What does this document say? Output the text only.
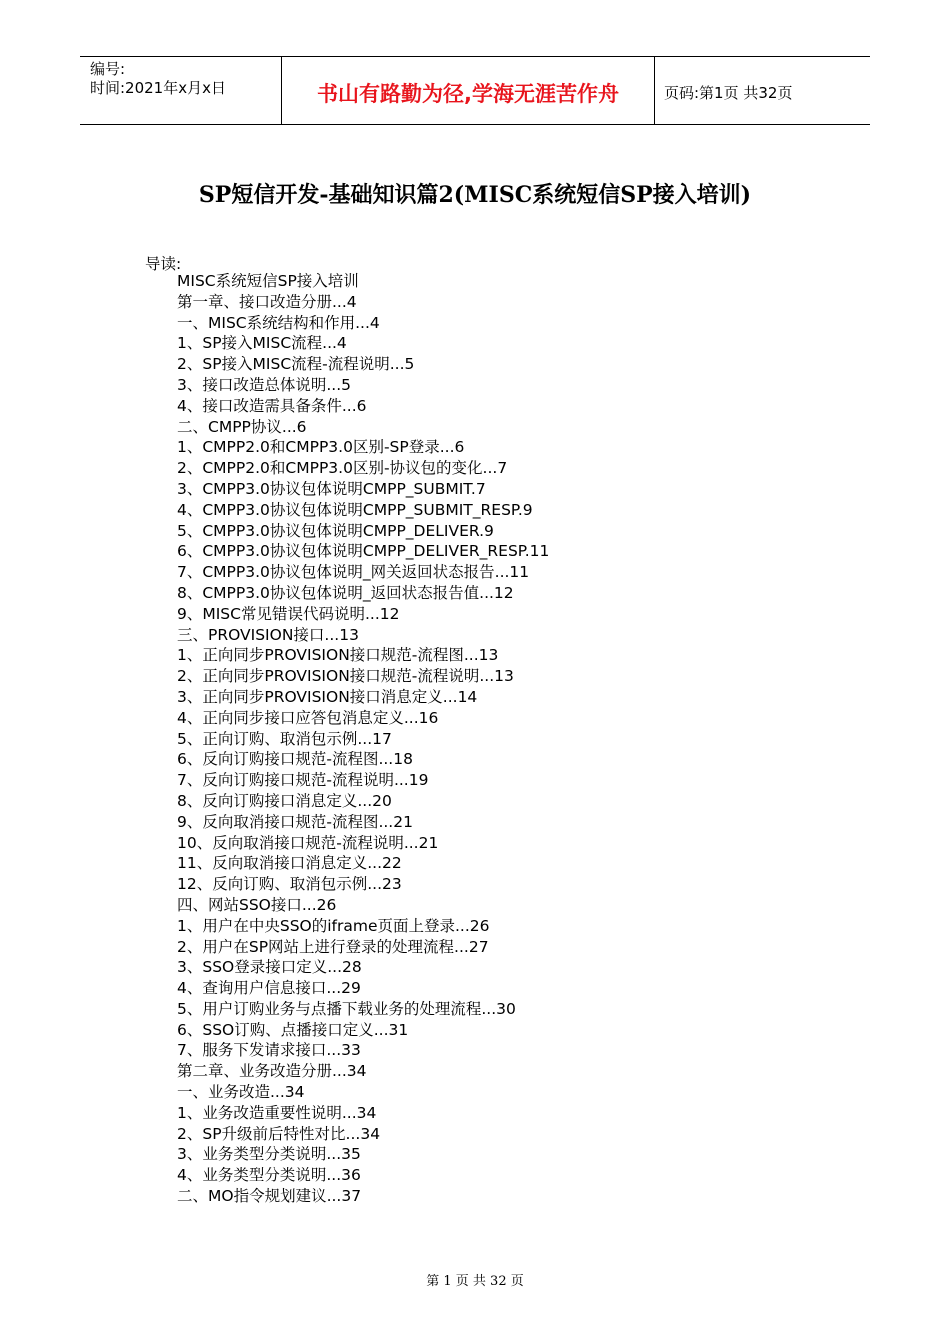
编号:
时间:2021年x月x日	书山有路勤为径,学海无涯苦作舟	页码:第1页 共32页
SP短信开发-基础知识篇2(MISC系统短信SP接入培训)
导读:
MISC系统短信SP接入培训
第一章、接口改造分册...4
一、MISC系统结构和作用...4
1、SP接入MISC流程...4
2、SP接入MISC流程-流程说明...5
3、接口改造总体说明...5
4、接口改造需具备条件...6
二、CMPP协议...6
1、CMPP2.0和CMPP3.0区别-SP登录...6
2、CMPP2.0和CMPP3.0区别-协议包的变化...7
3、CMPP3.0协议包体说明CMPP_SUBMIT.7
4、CMPP3.0协议包体说明CMPP_SUBMIT_RESP.9
5、CMPP3.0协议包体说明CMPP_DELIVER.9
6、CMPP3.0协议包体说明CMPP_DELIVER_RESP.11
7、CMPP3.0协议包体说明_网关返回状态报告...11
8、CMPP3.0协议包体说明_返回状态报告值...12
9、MISC常见错误代码说明...12
三、PROVISION接口...13
1、正向同步PROVISION接口规范-流程图...13
2、正向同步PROVISION接口规范-流程说明...13
3、正向同步PROVISION接口消息定义...14
4、正向同步接口应答包消息定义...16
5、正向订购、取消包示例...17
6、反向订购接口规范-流程图...18
7、反向订购接口规范-流程说明...19
8、反向订购接口消息定义...20
9、反向取消接口规范-流程图...21
10、反向取消接口规范-流程说明...21
11、反向取消接口消息定义...22
12、反向订购、取消包示例...23
四、网站SSO接口...26
1、用户在中央SSO的iframe页面上登录...26
2、用户在SP网站上进行登录的处理流程...27
3、SSO登录接口定义...28
4、查询用户信息接口...29
5、用户订购业务与点播下载业务的处理流程...30
6、SSO订购、点播接口定义...31
7、服务下发请求接口...33
第二章、业务改造分册...34
一、业务改造...34
1、业务改造重要性说明...34
2、SP升级前后特性对比...34
3、业务类型分类说明...35
4、业务类型分类说明...36
二、MO指令规划建议...37
第 1 页 共 32 页
